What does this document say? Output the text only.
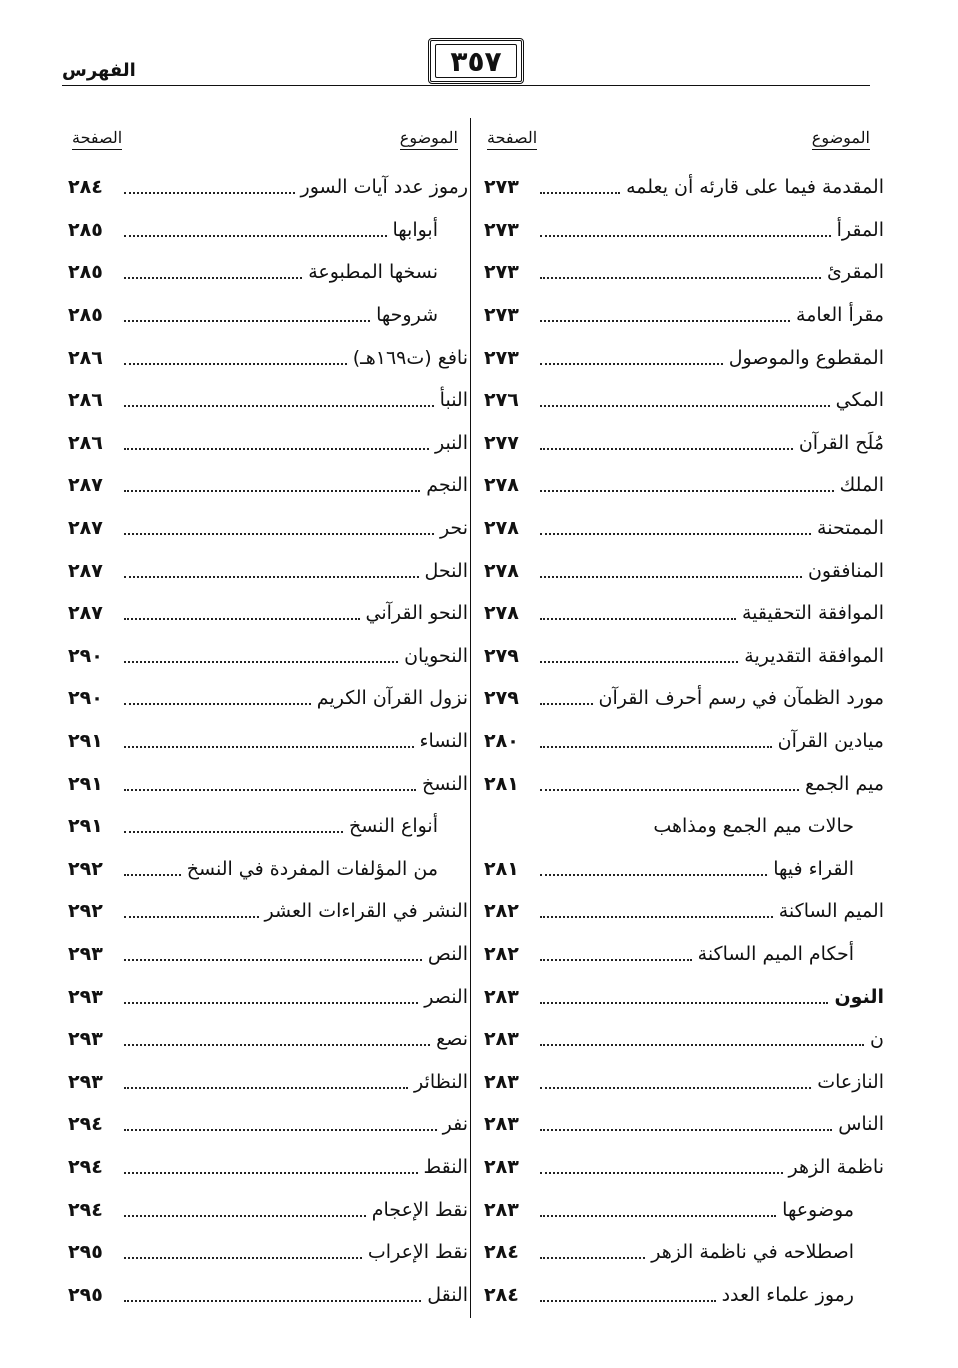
٣٥٧
الفهرس
الموضوع
الصفحة
الموضوع
الصفحة
المقدمة فيما على قارئه أن يعلمه
٢٧٣
المقرأ
٢٧٣
المقرئ
٢٧٣
مقرأ العامة
٢٧٣
المقطوع والموصول
٢٧٣
المكي
٢٧٦
مُلَح القرآن
٢٧٧
الملك
٢٧٨
الممتحنة
٢٧٨
المنافقون
٢٧٨
الموافقة التحقيقية
٢٧٨
الموافقة التقديرية
٢٧٩
مورد الظمآن في رسم أحرف القرآن
٢٧٩
ميادين القرآن
٢٨٠
ميم الجمع
٢٨١
حالات ميم الجمع ومذاهب
القراء فيها
٢٨١
الميم الساكنة
٢٨٢
أحكام الميم الساكنة
٢٨٢
النون
٢٨٣
ن
٢٨٣
النازعات
٢٨٣
الناس
٢٨٣
ناظمة الزهر
٢٨٣
موضوعها
٢٨٣
اصطلاحه في ناظمة الزهر
٢٨٤
رموز علماء العدد
٢٨٤
رموز عدد آيات السور
٢٨٤
أبوابها
٢٨٥
نسخها المطبوعة
٢٨٥
شروحها
٢٨٥
نافع (ت١٦٩هـ)
٢٨٦
النبأ
٢٨٦
النبر
٢٨٦
النجم
٢٨٧
نحر
٢٨٧
النحل
٢٨٧
النحو القرآني
٢٨٧
النحويان
٢٩٠
نزول القرآن الكريم
٢٩٠
النساء
٢٩١
النسخ
٢٩١
أنواع النسخ
٢٩١
من المؤلفات المفردة في النسخ
٢٩٢
النشر في القراءات العشر
٢٩٢
النص
٢٩٣
النصر
٢٩٣
نصع
٢٩٣
النظائر
٢٩٣
نفر
٢٩٤
النقط
٢٩٤
نقط الإعجام
٢٩٤
نقط الإعراب
٢٩٥
النقل
٢٩٥
